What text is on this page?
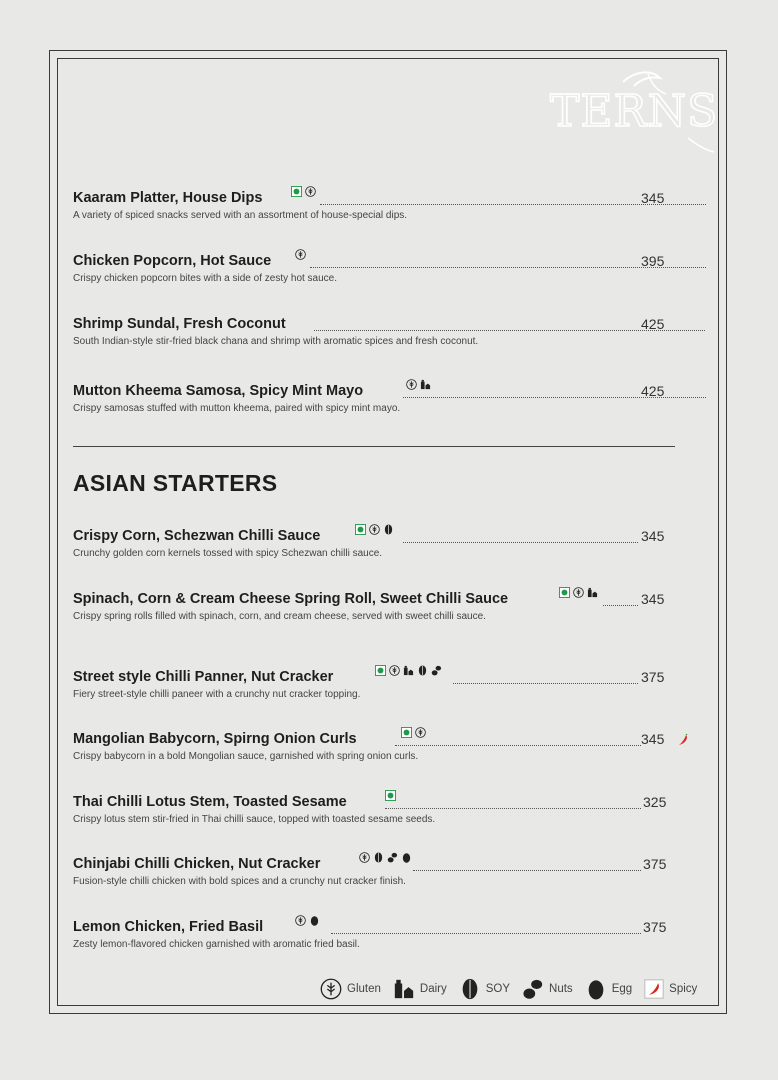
TERNS
Kaaram Platter, House Dips	345
A variety of spiced snacks served with an assortment of house-special dips.
Chicken Popcorn, Hot Sauce	395
Crispy chicken popcorn bites with a side of zesty hot sauce.
Shrimp Sundal, Fresh Coconut	425
South Indian-style stir-fried black chana and shrimp with aromatic spices and fresh coconut.
Mutton Kheema Samosa, Spicy Mint Mayo	425
Crispy samosas stuffed with mutton kheema, paired with spicy mint mayo.
ASIAN STARTERS
Crispy Corn, Schezwan Chilli Sauce	345
Crunchy golden corn kernels tossed with spicy Schezwan chilli sauce.
Spinach, Corn & Cream Cheese Spring Roll, Sweet Chilli Sauce	345
Crispy spring rolls filled with spinach, corn, and cream cheese, served with sweet chilli sauce.
Street style Chilli Panner, Nut Cracker	375
Fiery street-style chilli paneer with a crunchy nut cracker topping.
Mangolian Babycorn, Spirng Onion Curls	345
Crispy babycorn in a bold Mongolian sauce, garnished with spring onion curls.
Thai Chilli Lotus Stem, Toasted Sesame	325
Crispy lotus stem stir-fried in Thai chilli sauce, topped with toasted sesame seeds.
Chinjabi Chilli Chicken, Nut Cracker	375
Fusion-style chilli chicken with bold spices and a crunchy nut cracker finish.
Lemon Chicken, Fried Basil	375
Zesty lemon-flavored chicken garnished with aromatic fried basil.
Gluten	Dairy	SOY	Nuts	Egg	Spicy
